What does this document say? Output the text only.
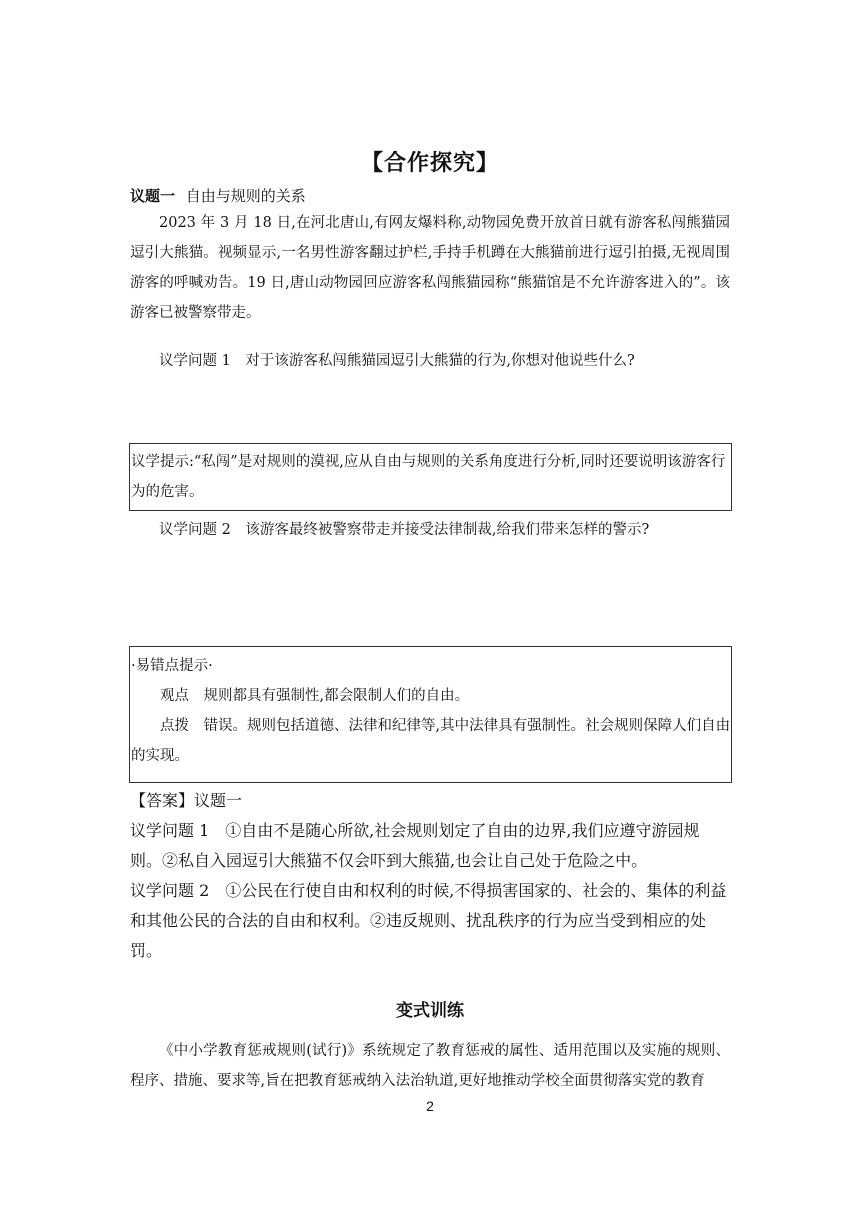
【合作探究】
议题一 自由与规则的关系

2023 年 3 月 18 日,在河北唐山,有网友爆料称,动物园免费开放首日就有游客私闯熊猫园逗引大熊猫。视频显示,一名男性游客翻过护栏,手持手机蹲在大熊猫前进行逗引拍摄,无视周围游客的呼喊劝告。19 日,唐山动物园回应游客私闯熊猫园称“熊猫馆是不允许游客进入的”。该游客已被警察带走。

议学问题 1　对于该游客私闯熊猫园逗引大熊猫的行为,你想对他说些什么?

议学提示:“私闯”是对规则的漠视,应从自由与规则的关系角度进行分析,同时还要说明该游客行为的危害。

议学问题 2　该游客最终被警察带走并接受法律制裁,给我们带来怎样的警示?

·易错点提示·

观点　规则都具有强制性,都会限制人们的自由。

点拨　错误。规则包括道德、法律和纪律等,其中法律具有强制性。社会规则保障人们自由的实现。

【答案】议题一

议学问题 1　①自由不是随心所欲,社会规则划定了自由的边界,我们应遵守游园规则。②私自入园逗引大熊猫不仅会吓到大熊猫,也会让自己处于危险之中。

议学问题 2　①公民在行使自由和权利的时候,不得损害国家的、社会的、集体的利益和其他公民的合法的自由和权利。②违反规则、扰乱秩序的行为应当受到相应的处罚。

变式训练

《中小学教育惩戒规则(试行)》系统规定了教育惩戒的属性、适用范围以及实施的规则、程序、措施、要求等,旨在把教育惩戒纳入法治轨道,更好地推动学校全面贯彻落实党的教育

2
